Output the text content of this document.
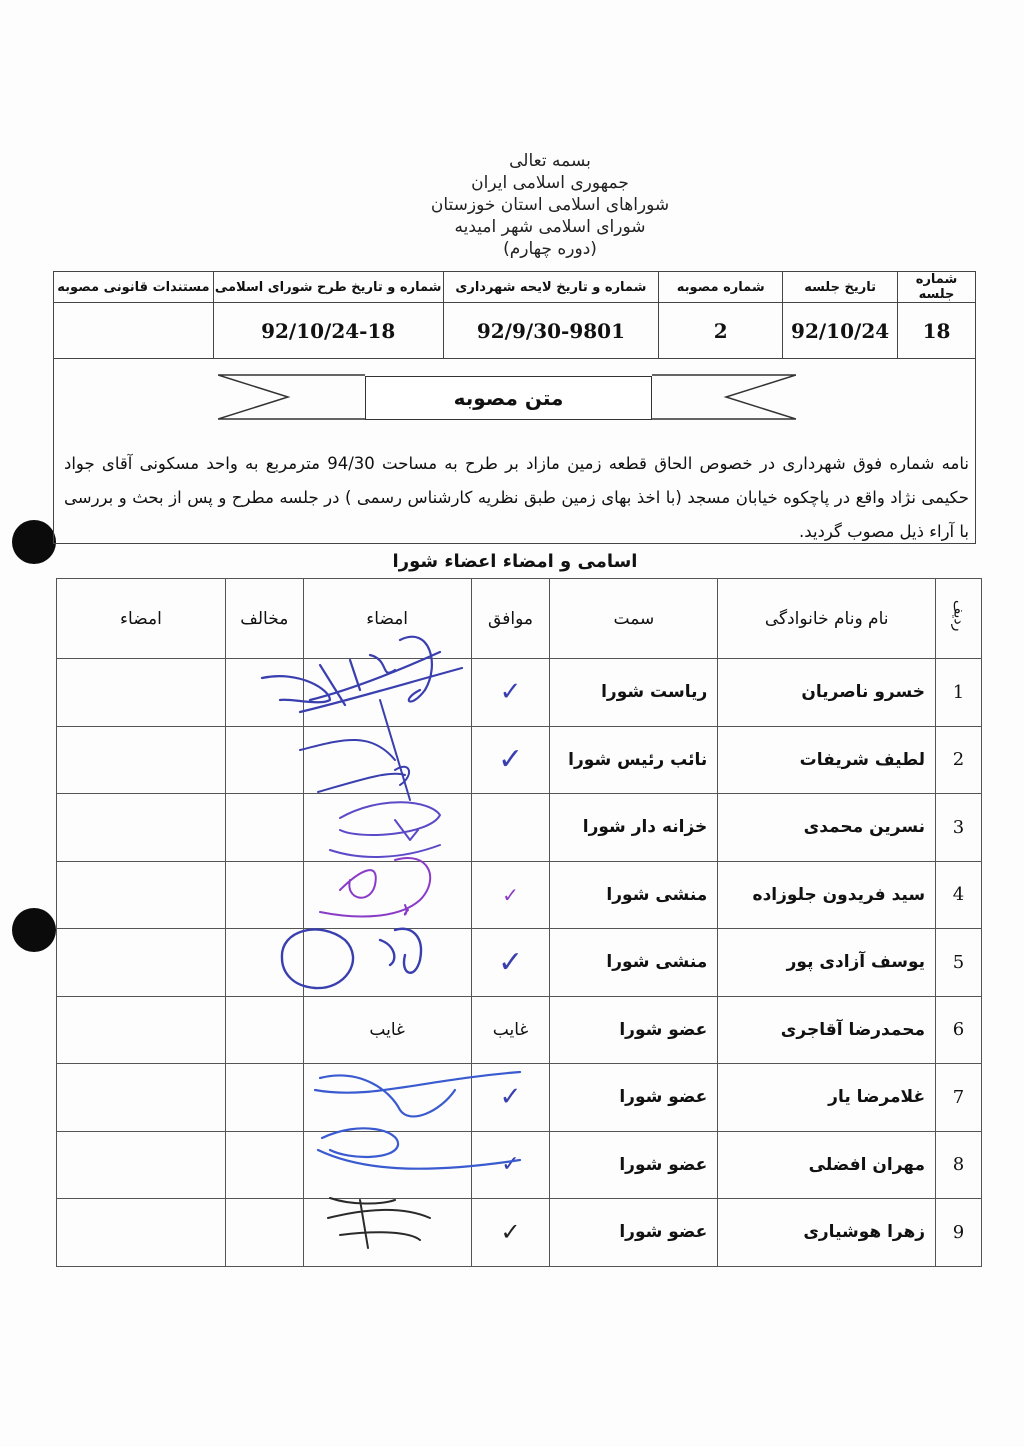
بسمه تعالی
جمهوری اسلامی ایران
شوراهای اسلامی استان خوزستان
شورای اسلامی شهر امیدیه
(دوره چهارم)
شماره جلسه	تاریخ جلسه	شماره مصوبه	شماره و تاریخ لایحه شهرداری	شماره و تاریخ طرح شورای اسلامی	مستندات قانونی مصوبه
18	92/10/24	2	92/9/30-9801	92/10/24-18	
متن مصوبه
نامه شماره فوق شهرداری در خصوص الحاق قطعه زمین مازاد بر طرح به مساحت 94/30 مترمربع به واحد مسکونی آقای جواد حکیمی نژاد واقع در پاچکوه خیابان مسجد (با اخذ بهای زمین طبق نظریه کارشناس رسمی ) در جلسه مطرح و پس از بحث و بررسی با آراء ذیل مصوب گردید.
اسامی و امضاء اعضاء شورا
ردیف	نام ونام خانوادگی	سمت	موافق	امضاء	مخالف	امضاء
1	خسرو ناصریان	ریاست شورا	✓			
2	لطیف شریفات	نائب رئیس شورا	✓			
3	نسرین محمدی	خزانه دار شورا				
4	سید فریدون جلوزاده	منشی شورا	✓			
5	یوسف آزادی پور	منشی شورا	✓			
6	محمدرضا آقاجری	عضو شورا	غایب	غایب		
7	غلامرضا یار	عضو شورا	✓			
8	مهران افضلی	عضو شورا	✓			
9	زهرا هوشیاری	عضو شورا	✓			
